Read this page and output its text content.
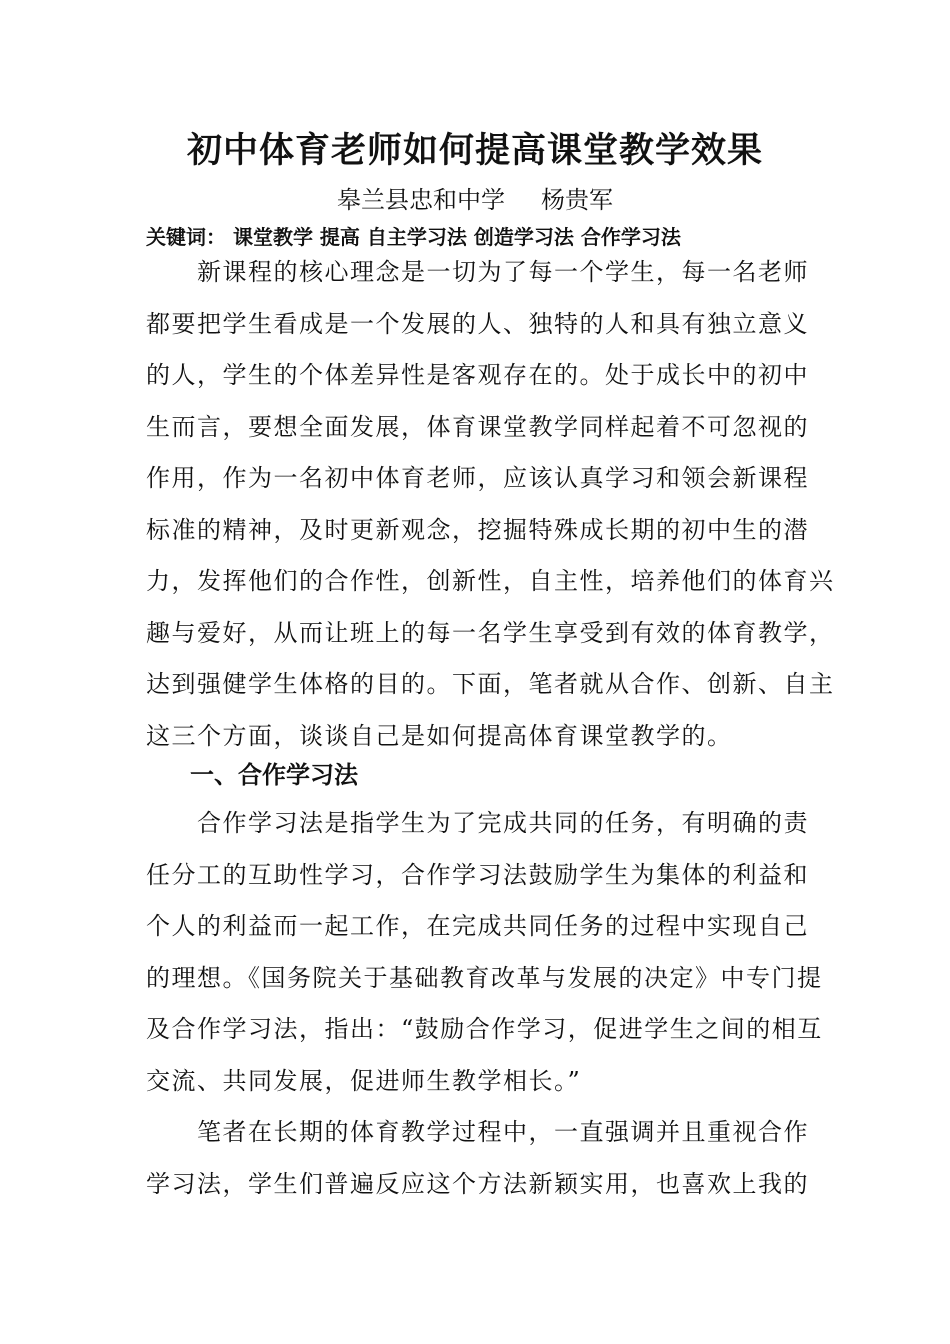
初中体育老师如何提高课堂教学效果
皋兰县忠和中学 杨贵军
关键词： 课堂教学 提高 自主学习法 创造学习法 合作学习法
　　新课程的核心理念是一切为了每一个学生，每一名老师
都要把学生看成是一个发展的人、独特的人和具有独立意义
的人，学生的个体差异性是客观存在的。处于成长中的初中
生而言，要想全面发展，体育课堂教学同样起着不可忽视的
作用，作为一名初中体育老师，应该认真学习和领会新课程
标准的精神，及时更新观念，挖掘特殊成长期的初中生的潜
力，发挥他们的合作性，创新性，自主性，培养他们的体育兴
趣与爱好，从而让班上的每一名学生享受到有效的体育教学，
达到强健学生体格的目的。下面，笔者就从合作、创新、自主
这三个方面，谈谈自己是如何提高体育课堂教学的。
一、合作学习法
　　合作学习法是指学生为了完成共同的任务，有明确的责
任分工的互助性学习，合作学习法鼓励学生为集体的利益和
个人的利益而一起工作，在完成共同任务的过程中实现自己
的理想。《国务院关于基础教育改革与发展的决定》中专门提
及合作学习法，指出：“鼓励合作学习，促进学生之间的相互
交流、共同发展，促进师生教学相长。”
　　笔者在长期的体育教学过程中，一直强调并且重视合作
学习法，学生们普遍反应这个方法新颖实用，也喜欢上我的
